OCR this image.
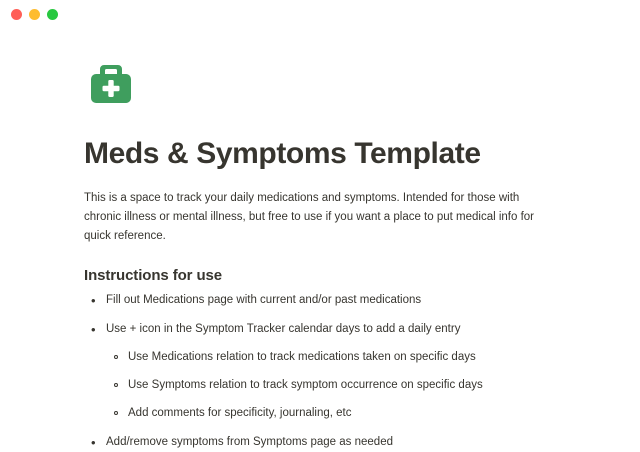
Meds & Symptoms Template

This is a space to track your daily medications and symptoms. Intended for those with chronic illness or mental illness, but free to use if you want a place to put medical info for quick reference.

Instructions for use
• Fill out Medications page with current and/or past medications
• Use + icon in the Symptom Tracker calendar days to add a daily entry
Use Medications relation to track medications taken on specific days
Use Symptoms relation to track symptom occurrence on specific days
Add comments for specificity, journaling, etc
• Add/remove symptoms from Symptoms page as needed
